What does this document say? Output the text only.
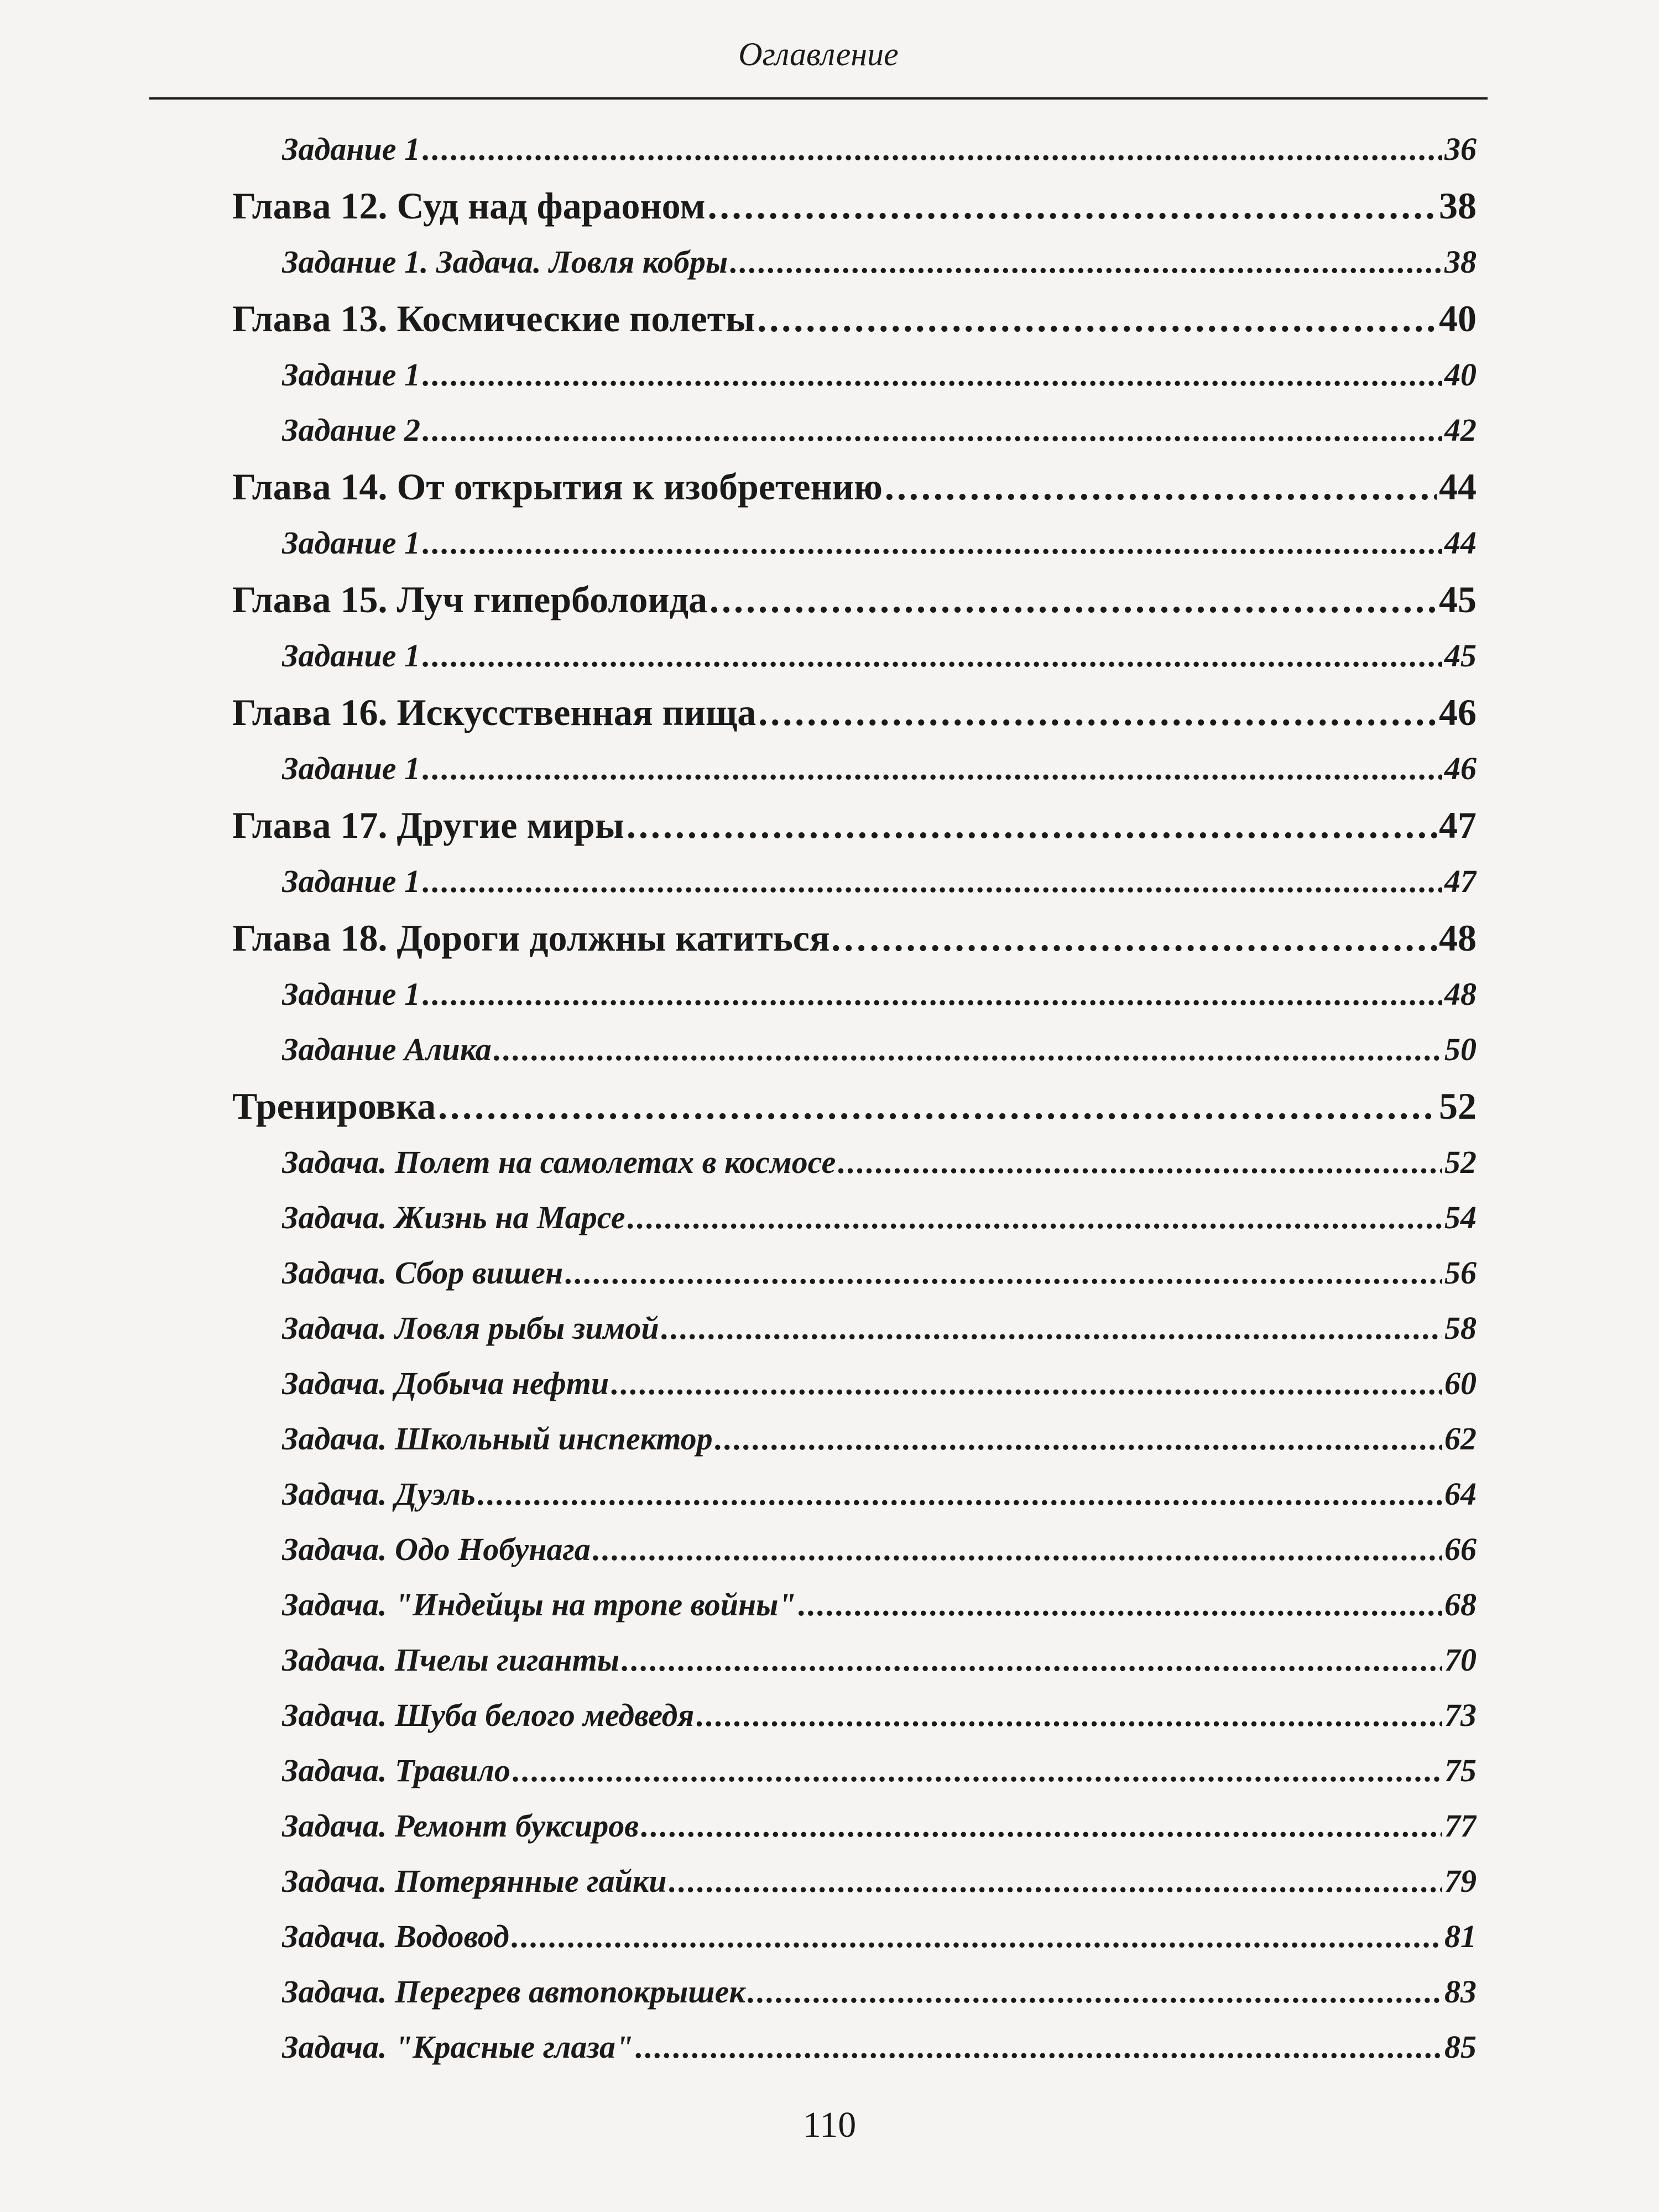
Оглавление
Задание 1 . . .	36
Глава 12. Суд над фараоном . . .	38
Задание 1. Задача. Ловля кобры . . .	38
Глава 13. Космические полеты . . .	40
Задание 1 . . .	40
Задание 2 . . .	42
Глава 14. От открытия к изобретению . . .	44
Задание 1 . . .	44
Глава 15. Луч гиперболоида . . .	45
Задание 1 . . .	45
Глава 16. Искусственная пища . . .	46
Задание 1 . . .	46
Глава 17. Другие миры . . .	47
Задание 1 . . .	47
Глава 18. Дороги должны катиться… . . .	48
Задание 1 . . .	48
Задание Алика . . .	50
Тренировка . . .	52
Задача. Полет на самолетах в космосе . . .	52
Задача. Жизнь на Марсе . . .	54
Задача. Сбор вишен . . .	56
Задача. Ловля рыбы зимой . . .	58
Задача. Добыча нефти . . .	60
Задача. Школьный инспектор . . .	62
Задача. Дуэль . . .	64
Задача. Одо Нобунага . . .	66
Задача. "Индейцы на тропе войны" . . .	68
Задача. Пчелы гиганты . . .	70
Задача. Шуба белого медведя . . .	73
Задача. Травило . . .	75
Задача. Ремонт буксиров . . .	77
Задача. Потерянные гайки . . .	79
Задача. Водовод . . .	81
Задача. Перегрев автопокрышек . . .	83
Задача. "Красные глаза" . . .	85
110
